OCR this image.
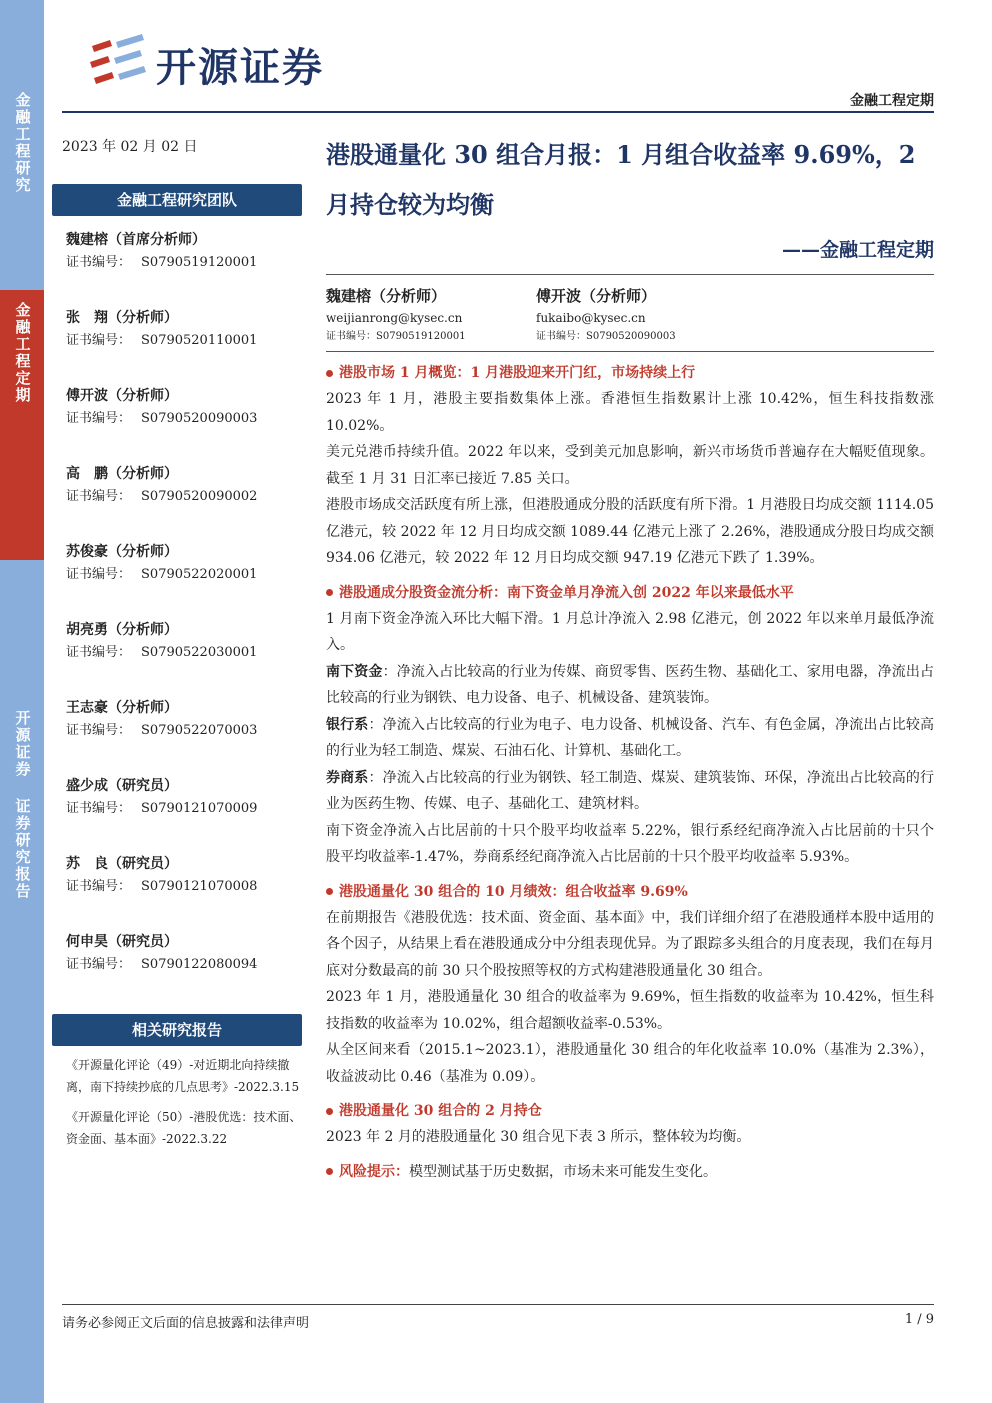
金融工程研究
金融工程定期
开源证券 证券研究报告
开源证券
金融工程定期
2023 年 02 月 02 日
金融工程研究团队
魏建榕（首席分析师）
证书编号： S0790519120001
张　翔（分析师）
证书编号： S0790520110001
傅开波（分析师）
证书编号： S0790520090003
高　鹏（分析师）
证书编号： S0790520090002
苏俊豪（分析师）
证书编号： S0790522020001
胡亮勇（分析师）
证书编号： S0790522030001
王志豪（分析师）
证书编号： S0790522070003
盛少成（研究员）
证书编号： S0790121070009
苏　良（研究员）
证书编号： S0790121070008
何申昊（研究员）
证书编号： S0790122080094
相关研究报告
《开源量化评论（49）-对近期北向持续撤离，南下持续抄底的几点思考》-2022.3.15
《开源量化评论（50）-港股优选：技术面、资金面、基本面》-2022.3.22
港股通量化 30 组合月报：1 月组合收益率 9.69%，2 月持仓较为均衡
——金融工程定期
魏建榕（分析师）
weijianrong@kysec.cn
证书编号：S0790519120001
傅开波（分析师）
fukaibo@kysec.cn
证书编号：S0790520090003
港股市场 1 月概览：1 月港股迎来开门红，市场持续上行
2023 年 1 月，港股主要指数集体上涨。香港恒生指数累计上涨 10.42%，恒生科技指数涨 10.02%。
美元兑港币持续升值。2022 年以来，受到美元加息影响，新兴市场货币普遍存在大幅贬值现象。截至 1 月 31 日汇率已接近 7.85 关口。
港股市场成交活跃度有所上涨，但港股通成分股的活跃度有所下滑。1 月港股日均成交额 1114.05 亿港元，较 2022 年 12 月日均成交额 1089.44 亿港元上涨了 2.26%，港股通成分股日均成交额 934.06 亿港元，较 2022 年 12 月日均成交额 947.19 亿港元下跌了 1.39%。
港股通成分股资金流分析：南下资金单月净流入创 2022 年以来最低水平
1 月南下资金净流入环比大幅下滑。1 月总计净流入 2.98 亿港元，创 2022 年以来单月最低净流入。
南下资金：净流入占比较高的行业为传媒、商贸零售、医药生物、基础化工、家用电器，净流出占比较高的行业为钢铁、电力设备、电子、机械设备、建筑装饰。
银行系：净流入占比较高的行业为电子、电力设备、机械设备、汽车、有色金属，净流出占比较高的行业为轻工制造、煤炭、石油石化、计算机、基础化工。
券商系：净流入占比较高的行业为钢铁、轻工制造、煤炭、建筑装饰、环保，净流出占比较高的行业为医药生物、传媒、电子、基础化工、建筑材料。
南下资金净流入占比居前的十只个股平均收益率 5.22%，银行系经纪商净流入占比居前的十只个股平均收益率-1.47%，券商系经纪商净流入占比居前的十只个股平均收益率 5.93%。
港股通量化 30 组合的 10 月绩效：组合收益率 9.69%
在前期报告《港股优选：技术面、资金面、基本面》中，我们详细介绍了在港股通样本股中适用的各个因子，从结果上看在港股通成分中分组表现优异。为了跟踪多头组合的月度表现，我们在每月底对分数最高的前 30 只个股按照等权的方式构建港股通量化 30 组合。
2023 年 1 月，港股通量化 30 组合的收益率为 9.69%，恒生指数的收益率为 10.42%，恒生科技指数的收益率为 10.02%，组合超额收益率-0.53%。
从全区间来看（2015.1~2023.1），港股通量化 30 组合的年化收益率 10.0%（基准为 2.3%），收益波动比 0.46（基准为 0.09）。
港股通量化 30 组合的 2 月持仓
2023 年 2 月的港股通量化 30 组合见下表 3 所示，整体较为均衡。
风险提示：模型测试基于历史数据，市场未来可能发生变化。
请务必参阅正文后面的信息披露和法律声明	1 / 9
